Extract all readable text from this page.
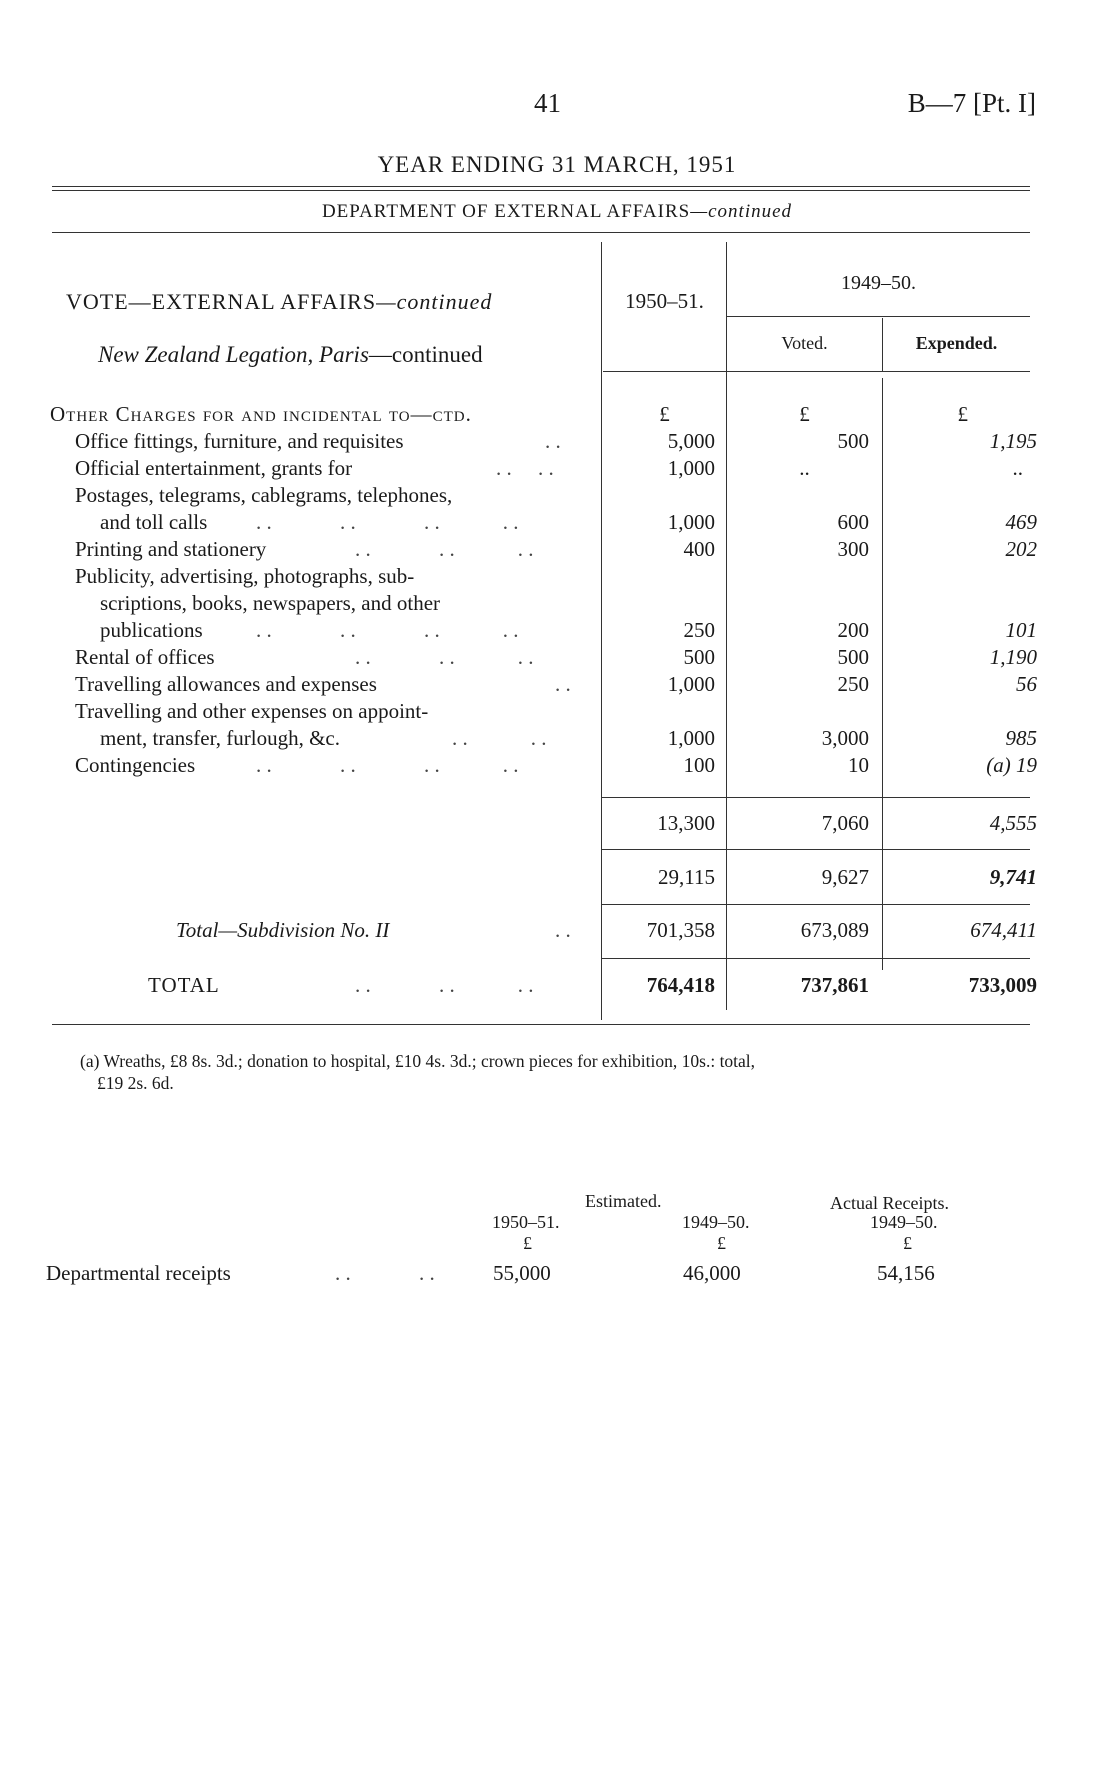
41	B—7 [Pt. I]
YEAR ENDING 31 MARCH, 1951
DEPARTMENT OF EXTERNAL AFFAIRS—continued
VOTE—EXTERNAL AFFAIRS—continued
New Zealand Legation, Paris—continued
1950–51.
1949–50.
Voted.	Expended.
Other Charges for and incidental to—ctd.	£	£	£
Office fittings, furniture, and requisites	. .	5,000	500	1,195
Official entertainment, grants for	. .     . .	1,000	..	..
Postages, telegrams, cablegrams, telephones,
and toll calls . .             . .             . .            . .	1,000	600	469
Printing and stationery	. .             . .            . .	400	300	202
Publicity, advertising, photographs, sub-
scriptions, books, newspapers, and other
publications	. .             . .             . .            . .	250	200	101
Rental of offices	. .             . .            . .	500	500	1,190
Travelling allowances and expenses	. .	1,000	250	56
Travelling and other expenses on appoint-
ment, transfer, furlough, &c.	. .            . .	1,000	3,000	985
Contingencies	. .             . .             . .            . .	100	10	(a) 19
13,300	7,060	4,555
29,115	9,627	9,741
Total—Subdivision No. II	. .	701,358	673,089	674,411
TOTAL	. .             . .            . .	764,418	737,861	733,009
(a) Wreaths, £8 8s. 3d.; donation to hospital, £10 4s. 3d.; crown pieces for exhibition, 10s.: total,
£19 2s. 6d.
Estimated.	Actual Receipts.
1950–51.	1949–50.	1949–50.
£	£	£
Departmental receipts	. .             . .	55,000	46,000	54,156
